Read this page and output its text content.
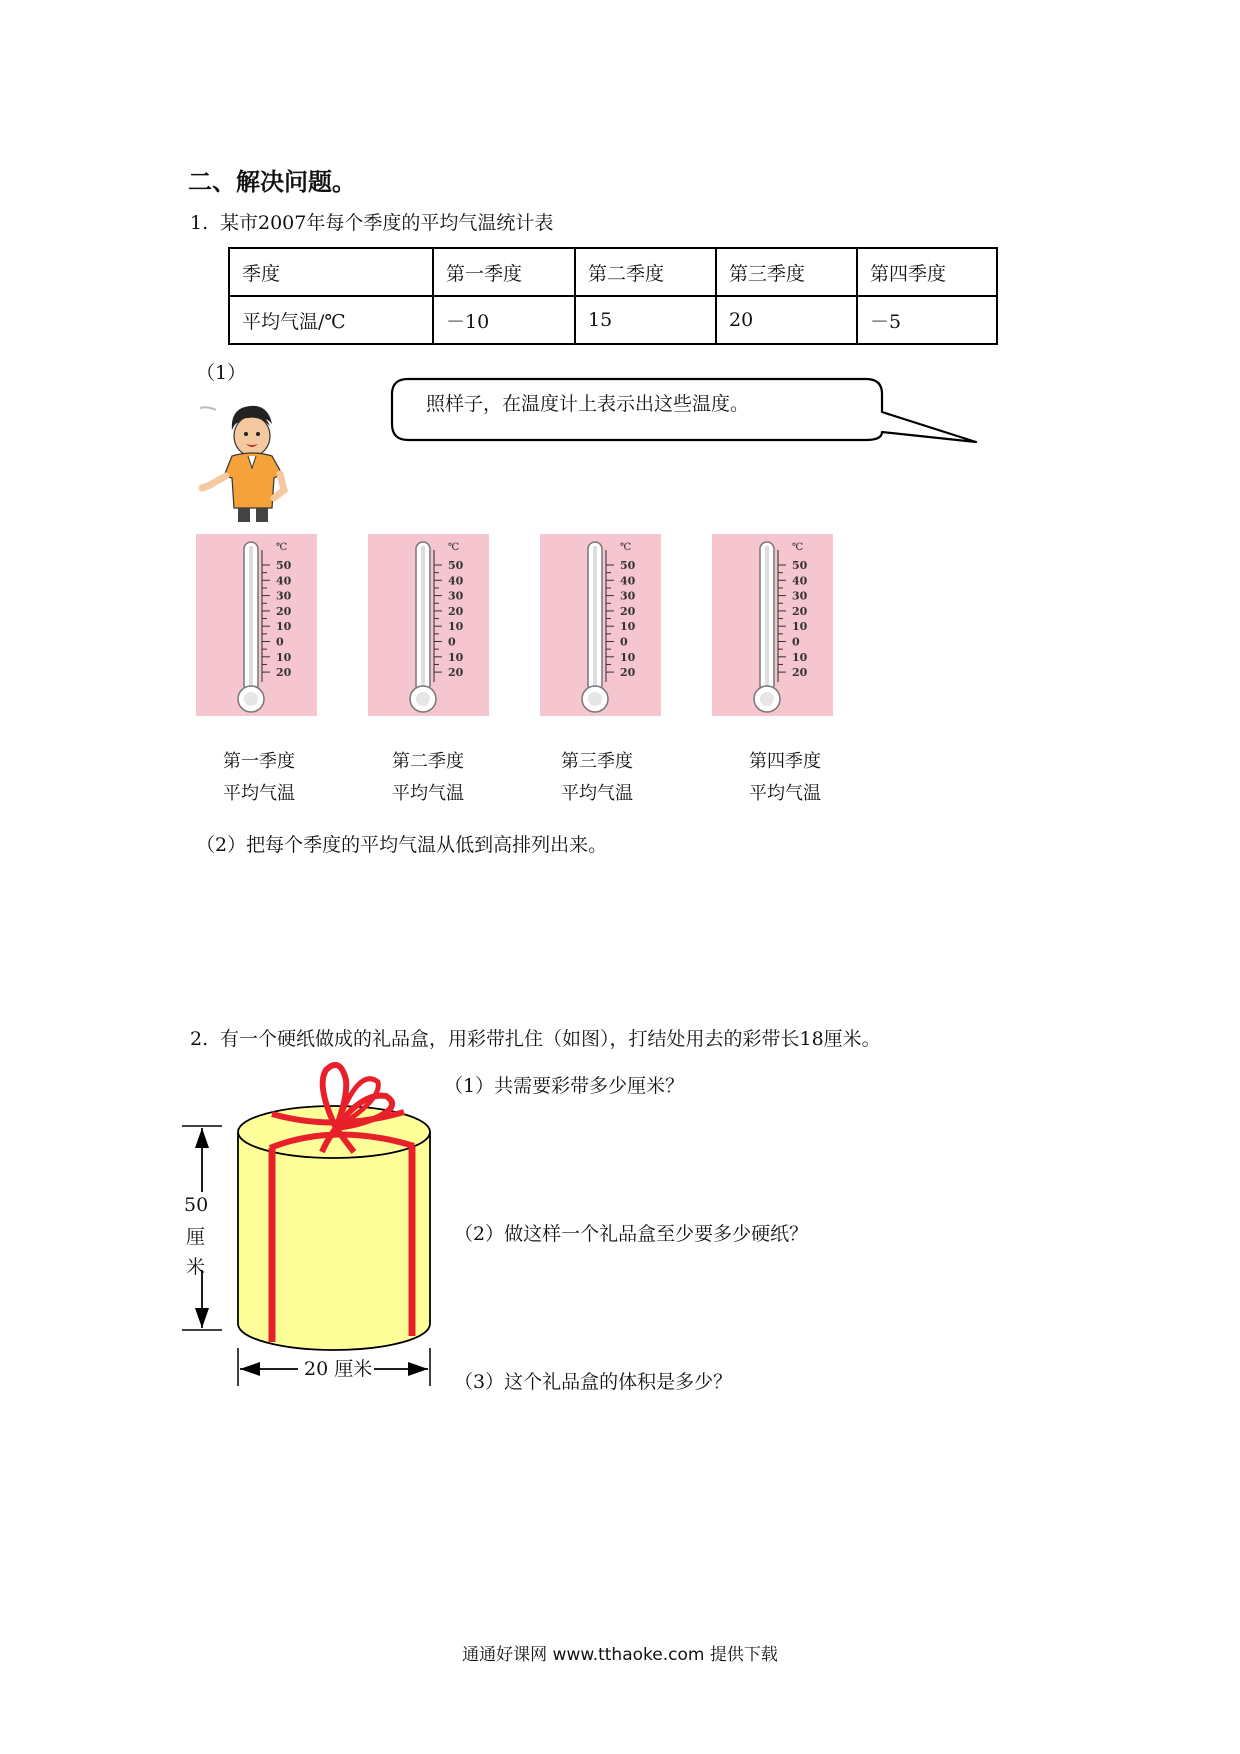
二、解决问题。
1. 某市2007年每个季度的平均气温统计表
季度	第一季度	第二季度	第三季度	第四季度
平均气温/℃	－10	15	20	－5
（1）
照样子，在温度计上表示出这些温度。
℃
50
40
30
20
10
0
10
20
℃
50
40
30
20
10
0
10
20
℃
50
40
30
20
10
0
10
20
℃
50
40
30
20
10
0
10
20
第一季度
平均气温
第二季度
平均气温
第三季度
平均气温
第四季度
平均气温
（2）把每个季度的平均气温从低到高排列出来。
2. 有一个硬纸做成的礼品盒，用彩带扎住（如图），打结处用去的彩带长18厘米。
50
厘
米
20 厘米
（1）共需要彩带多少厘米？
（2）做这样一个礼品盒至少要多少硬纸？
（3）这个礼品盒的体积是多少？
通通好课网 www.tthaoke.com 提供下载
